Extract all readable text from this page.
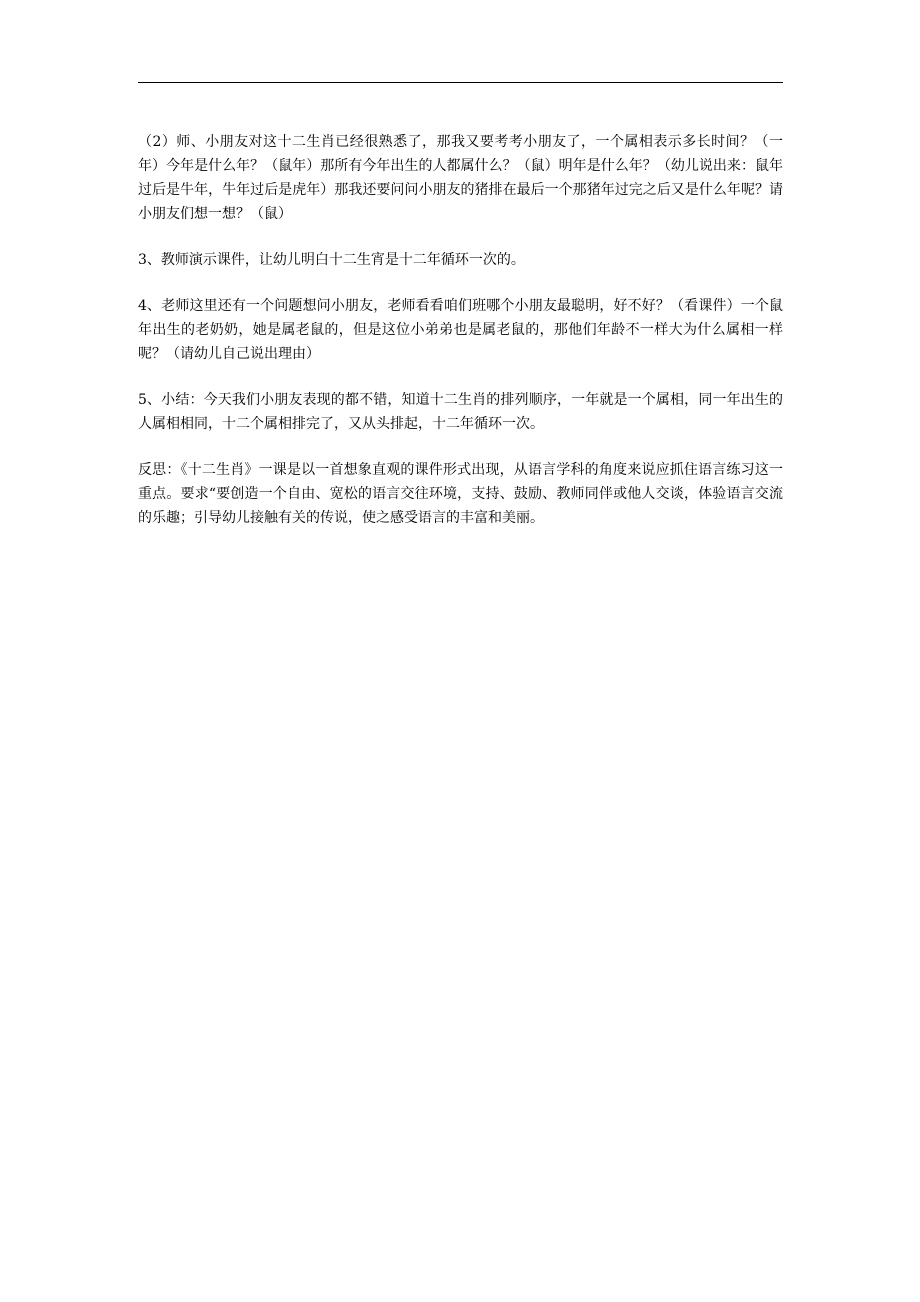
（2）师、小朋友对这十二生肖已经很熟悉了，那我又要考考小朋友了，一个属相表示多长时间？（一年）今年是什么年？（鼠年）那所有今年出生的人都属什么？（鼠）明年是什么年？（幼儿说出来：鼠年过后是牛年，牛年过后是虎年）那我还要问问小朋友的猪排在最后一个那猪年过完之后又是什么年呢？请小朋友们想一想？（鼠）

3、教师演示课件，让幼儿明白十二生宵是十二年循环一次的。

4、老师这里还有一个问题想问小朋友，老师看看咱们班哪个小朋友最聪明，好不好？（看课件）一个鼠年出生的老奶奶，她是属老鼠的，但是这位小弟弟也是属老鼠的，那他们年龄不一样大为什么属相一样呢？（请幼儿自己说出理由）

5、小结：今天我们小朋友表现的都不错，知道十二生肖的排列顺序，一年就是一个属相，同一年出生的人属相相同，十二个属相排完了，又从头排起，十二年循环一次。

反思：《十二生肖》一课是以一首想象直观的课件形式出现，从语言学科的角度来说应抓住语言练习这一重点。要求“要创造一个自由、宽松的语言交往环境，支持、鼓励、教师同伴或他人交谈，体验语言交流的乐趣；引导幼儿接触有关的传说，使之感受语言的丰富和美丽。
